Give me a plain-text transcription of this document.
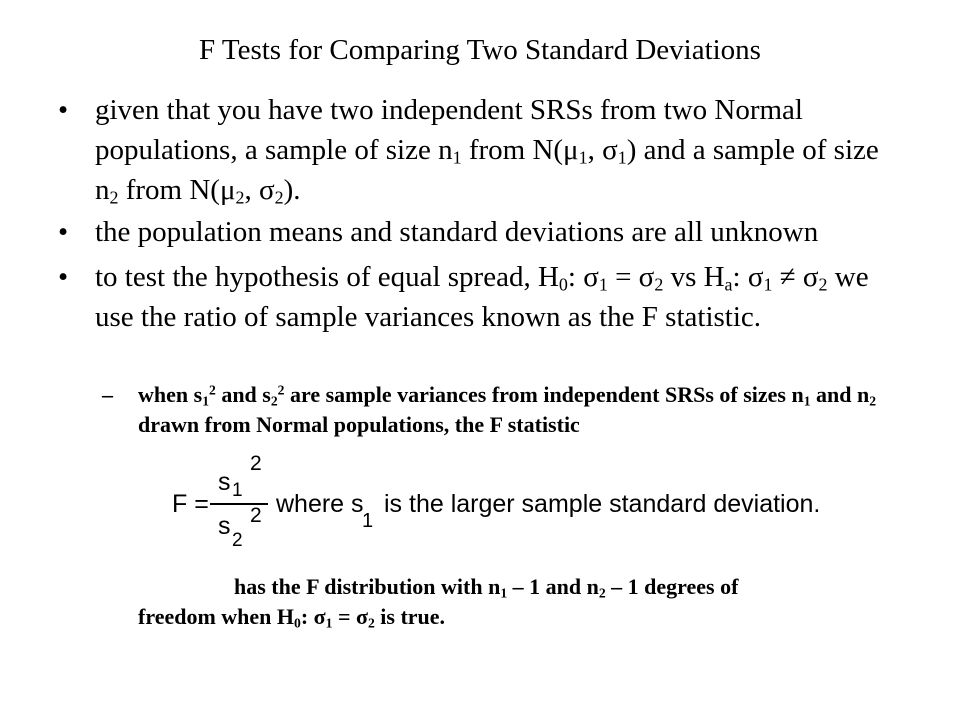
F Tests for Comparing Two Standard Deviations
• given that you have two independent SRSs from two Normal populations, a sample of size $n_1$ from $N(\mu_1$, $\sigma_1$) and a sample of size $n_2$ from $N(\mu_2$, $\sigma_2$).
• the population means and standard deviations are all unknown
• to test the hypothesis of equal spread, $H_0$: $\sigma_1 = \sigma_2$ vs $H_a$: $\sigma_1 \ne \sigma_2$ we use the ratio of sample variances known as the F statistic.
– when $s_1^2$ and $s_2^2$ are sample variances from independent SRSs of sizes $n_1$ and $n_2$ drawn from Normal populations, the F statistic
F =
s 1
2
s
2
2 where s
1
is the larger sample standard deviation.
has the F distribution with $n_1 - 1$ and $n_2 - 1$ degrees of
freedom when $H_0$: $\sigma_1 = \sigma_2$ is true.
